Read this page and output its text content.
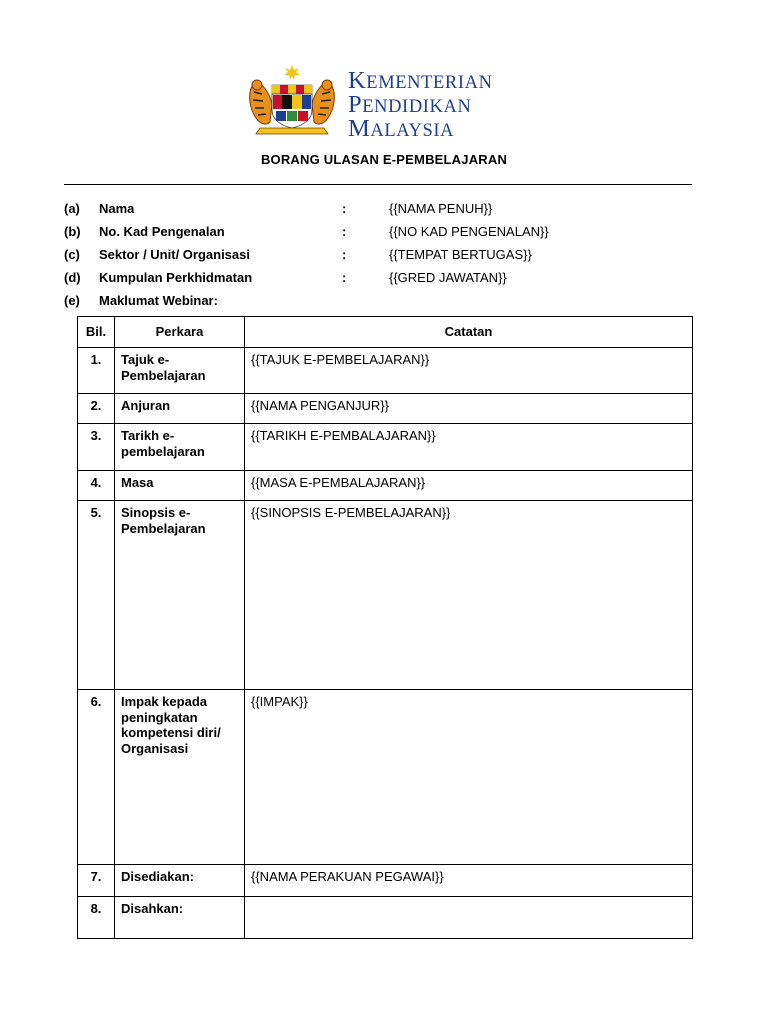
KEMENTERIAN
PENDIDIKAN
MALAYSIA
BORANG ULASAN E-PEMBELAJARAN
(a) Nama	:	{{NAMA PENUH}}
(b) No. Kad Pengenalan	:	{{NO KAD PENGENALAN}}
(c) Sektor / Unit/ Organisasi	:	{{TEMPAT BERTUGAS}}
(d) Kumpulan Perkhidmatan	:	{{GRED JAWATAN}}
(e) Maklumat Webinar:
Bil.	Perkara	Catatan
1.	Tajuk e-Pembelajaran	{{TAJUK E-PEMBELAJARAN}}
2.	Anjuran	{{NAMA PENGANJUR}}
3.	Tarikh e-pembelajaran	{{TARIKH E-PEMBALAJARAN}}
4.	Masa	{{MASA E-PEMBALAJARAN}}
5.	Sinopsis e-Pembelajaran	{{SINOPSIS E-PEMBELAJARAN}}
6.	Impak kepada peningkatan kompetensi diri/ Organisasi	{{IMPAK}}
7.	Disediakan:	{{NAMA PERAKUAN PEGAWAI}}
8.	Disahkan:	
